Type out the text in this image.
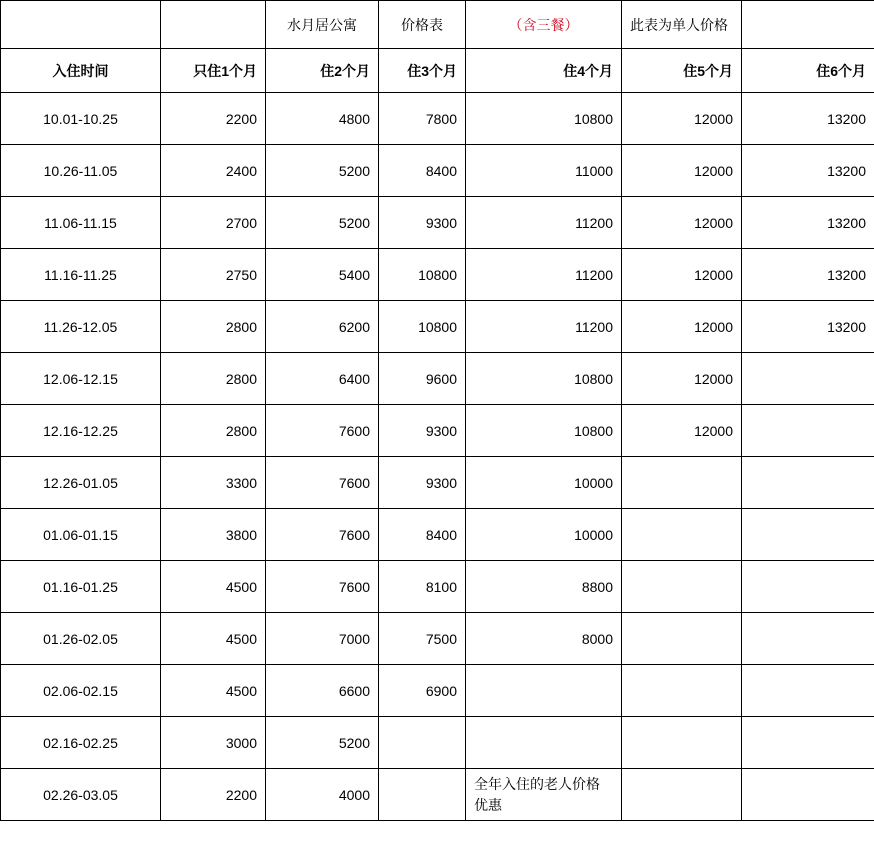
		水月居公寓	价格表	（含三餐）	此表为单人价格	
入住时间	只住1个月	住2个月	住3个月	住4个月	住5个月	住6个月
10.01-10.25	2200	4800	7800	10800	12000	13200
10.26-11.05	2400	5200	8400	11000	12000	13200
11.06-11.15	2700	5200	9300	11200	12000	13200
11.16-11.25	2750	5400	10800	11200	12000	13200
11.26-12.05	2800	6200	10800	11200	12000	13200
12.06-12.15	2800	6400	9600	10800	12000	
12.16-12.25	2800	7600	9300	10800	12000	
12.26-01.05	3300	7600	9300	10000		
01.06-01.15	3800	7600	8400	10000		
01.16-01.25	4500	7600	8100	8800		
01.26-02.05	4500	7000	7500	8000		
02.06-02.15	4500	6600	6900			
02.16-02.25	3000	5200				
02.26-03.05	2200	4000		全年入住的老人价格优惠		
